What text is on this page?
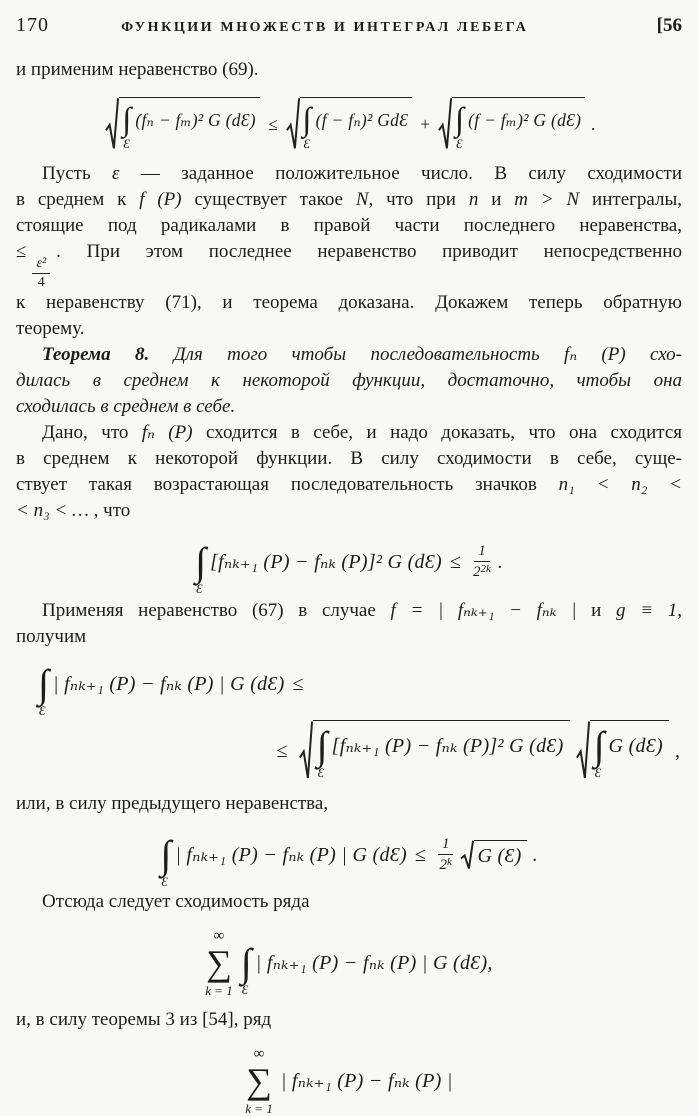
170	ФУНКЦИИ МНОЖЕСТВ И ИНТЕГРАЛ ЛЕБЕГА	[56
и применим неравенство (69).
∫
Ɛ
(fₙ − fₘ)² G (dƐ) ≤ ∫
Ɛ
(f − fₙ)² GdƐ + ∫
Ɛ
(f − fₘ)² G (dƐ) .
Пусть ε — заданное положительное число. В силу сходимости
в среднем к f (P) существует такое N, что при n и m > N интегралы,
стоящие под радикалами в правой части последнего неравенства,
≤
$\frac{\text{ε²}}{4}$
. При этом последнее неравенство приводит непосредственно
к неравенству (71), и теорема доказана. Докажем теперь обратную
теорему.
Теорема 8. Для того чтобы последовательность fₙ (P) схо-
дилась в среднем к некоторой функции, достаточно, чтобы она
сходилась в среднем в себе.
Дано, что fₙ (P) сходится в себе, и надо доказать, что она сходится
в среднем к некоторой функции. В силу сходимости в себе, суще-
ствует такая возрастающая последовательность значков n₁ < n₂ <
< n₃ < … , что
∫
Ɛ
[fₙₖ₊₁ (P) − fₙₖ (P)]² G (dƐ) ≤ $\frac{1}{2^{2k}}$ .
Применяя неравенство (67) в случае f = | fₙₖ₊₁ − fₙₖ | и g ≡ 1,
получим
∫
Ɛ
| fₙₖ₊₁ (P) − fₙₖ (P) | G (dƐ) ≤
≤ ∫
Ɛ
[fₙₖ₊₁ (P) − fₙₖ (P)]² G (dƐ) ∫
Ɛ
G (dƐ) ,
или, в силу предыдущего неравенства,
∫
Ɛ
| fₙₖ₊₁ (P) − fₙₖ (P) | G (dƐ) ≤ $\frac{1}{2^k}$ G (Ɛ) .
Отсюда следует сходимость ряда
∞
∑
k = 1
∫
Ɛ
| fₙₖ₊₁ (P) − fₙₖ (P) | G (dƐ),
и, в силу теоремы 3 из [54], ряд
∞
∑
k = 1
| fₙₖ₊₁ (P) − fₙₖ (P) |
